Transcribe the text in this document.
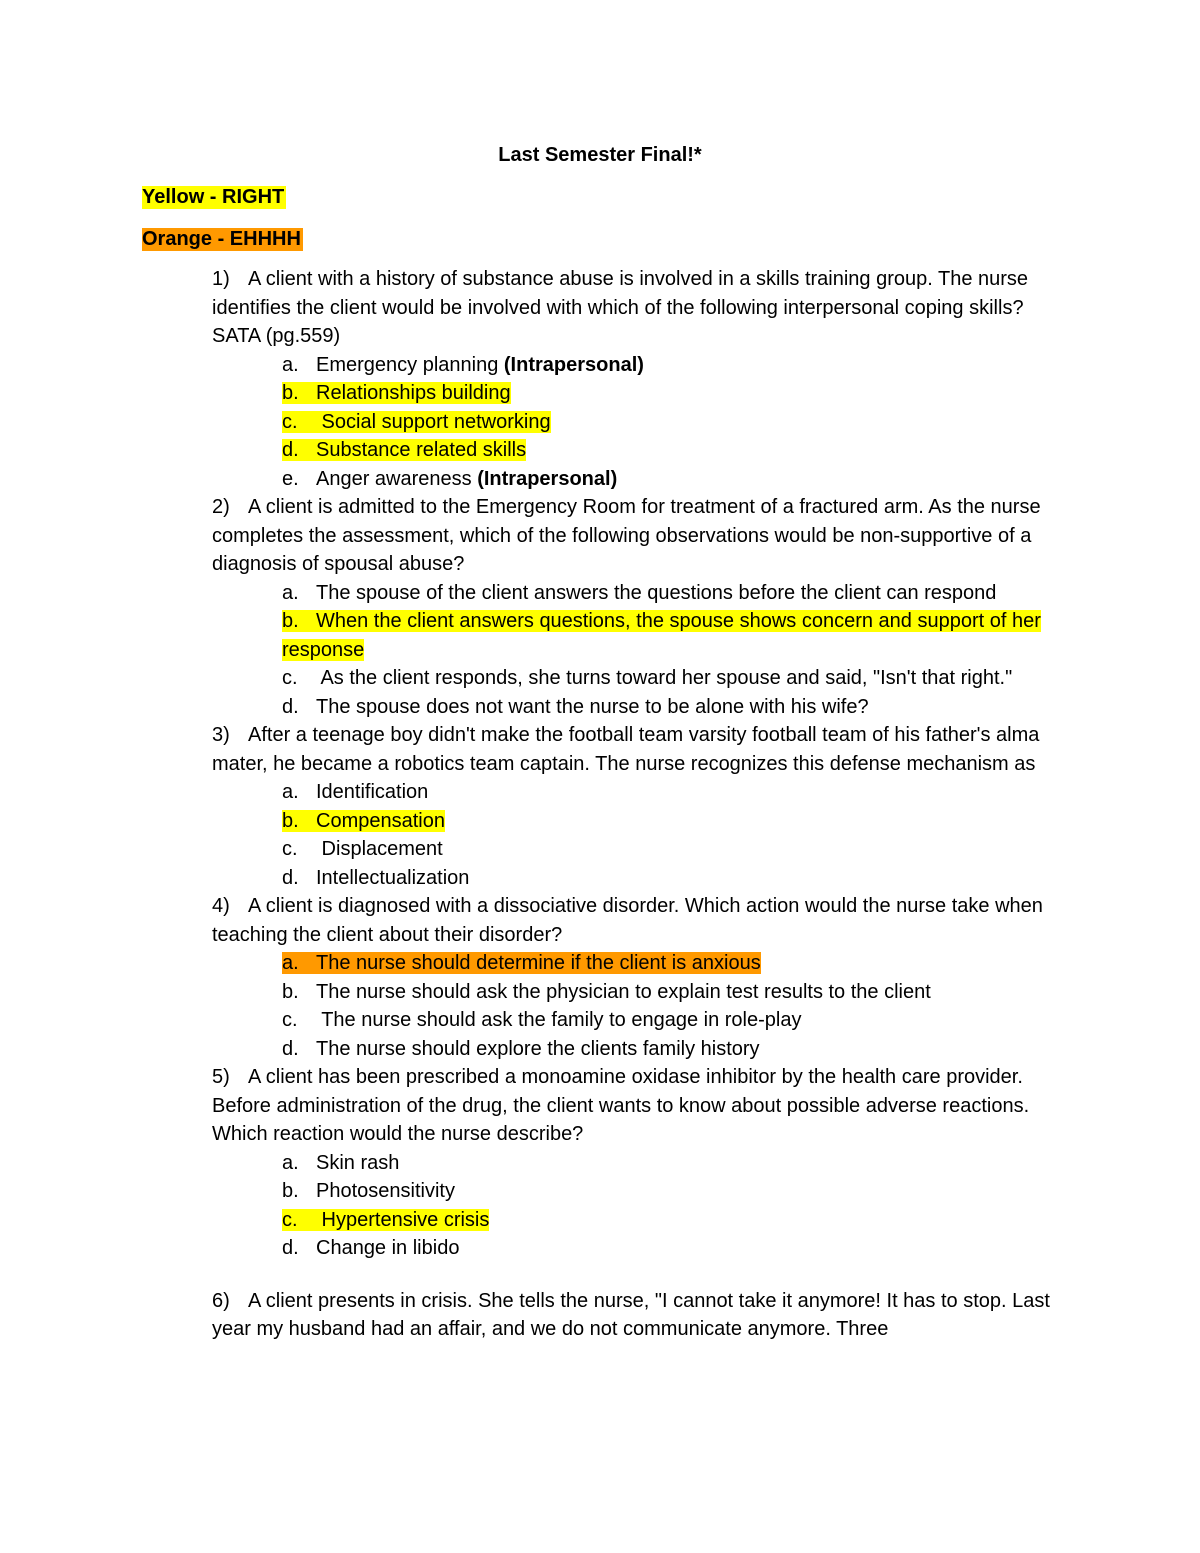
Last Semester Final!*
Yellow - RIGHT
Orange - EHHHH

1) A client with a history of substance abuse is involved in a skills training group. The nurse identifies the client would be involved with which of the following interpersonal coping skills? SATA (pg.559)

a. Emergency planning (Intrapersonal)
b. Relationships building
c. Social support networking
d. Substance related skills
e. Anger awareness (Intrapersonal)

2) A client is admitted to the Emergency Room for treatment of a fractured arm. As the nurse completes the assessment, which of the following observations would be non-supportive of a diagnosis of spousal abuse?

a. The spouse of the client answers the questions before the client can respond
b. When the client answers questions, the spouse shows concern and support of her response
c. As the client responds, she turns toward her spouse and said, "Isn't that right."
d. The spouse does not want the nurse to be alone with his wife?

3) After a teenage boy didn't make the football team varsity football team of his father's alma mater, he became a robotics team captain. The nurse recognizes this defense mechanism as

a. Identification
b. Compensation
c. Displacement
d. Intellectualization

4) A client is diagnosed with a dissociative disorder. Which action would the nurse take when teaching the client about their disorder?

a. The nurse should determine if the client is anxious
b. The nurse should ask the physician to explain test results to the client
c. The nurse should ask the family to engage in role-play
d. The nurse should explore the clients family history

5) A client has been prescribed a monoamine oxidase inhibitor by the health care provider. Before administration of the drug, the client wants to know about possible adverse reactions. Which reaction would the nurse describe?

a. Skin rash
b. Photosensitivity
c. Hypertensive crisis
d. Change in libido

6) A client presents in crisis. She tells the nurse, "I cannot take it anymore! It has to stop. Last year my husband had an affair, and we do not communicate anymore. Three
